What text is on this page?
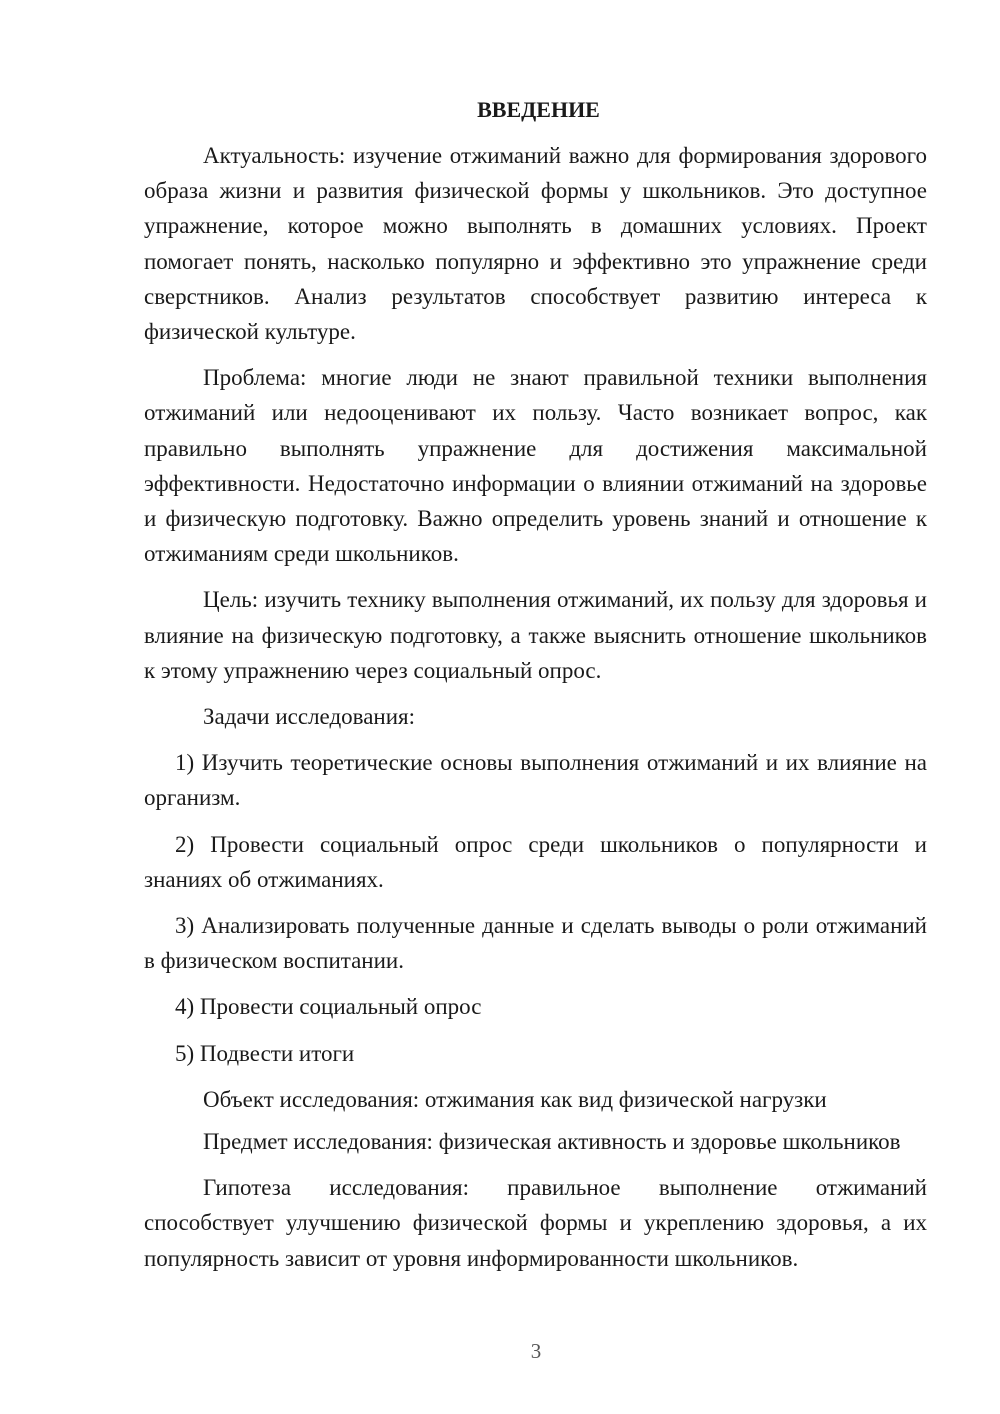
ВВЕДЕНИЕ

Актуальность: изучение отжиманий важно для формирования здорового образа жизни и развития физической формы у школьников. Это доступное упражнение, которое можно выполнять в домашних условиях. Проект помогает понять, насколько популярно и эффективно это упражнение среди сверстников. Анализ результатов способствует развитию интереса к физической культуре.

Проблема: многие люди не знают правильной техники выполнения отжиманий или недооценивают их пользу. Часто возникает вопрос, как правильно выполнять упражнение для достижения максимальной эффективности. Недостаточно информации о влиянии отжиманий на здоровье и физическую подготовку. Важно определить уровень знаний и отношение к отжиманиям среди школьников.

Цель: изучить технику выполнения отжиманий, их пользу для здоровья и влияние на физическую подготовку, а также выяснить отношение школьников к этому упражнению через социальный опрос.

Задачи исследования:

1) Изучить теоретические основы выполнения отжиманий и их влияние на организм.

2) Провести социальный опрос среди школьников о популярности и знаниях об отжиманиях.

3) Анализировать полученные данные и сделать выводы о роли отжиманий в физическом воспитании.

4) Провести социальный опрос

5) Подвести итоги

Объект исследования: отжимания как вид физической нагрузки

Предмет исследования: физическая активность и здоровье школьников

Гипотеза исследования: правильное выполнение отжиманий способствует улучшению физической формы и укреплению здоровья, а их популярность зависит от уровня информированности школьников.

3
